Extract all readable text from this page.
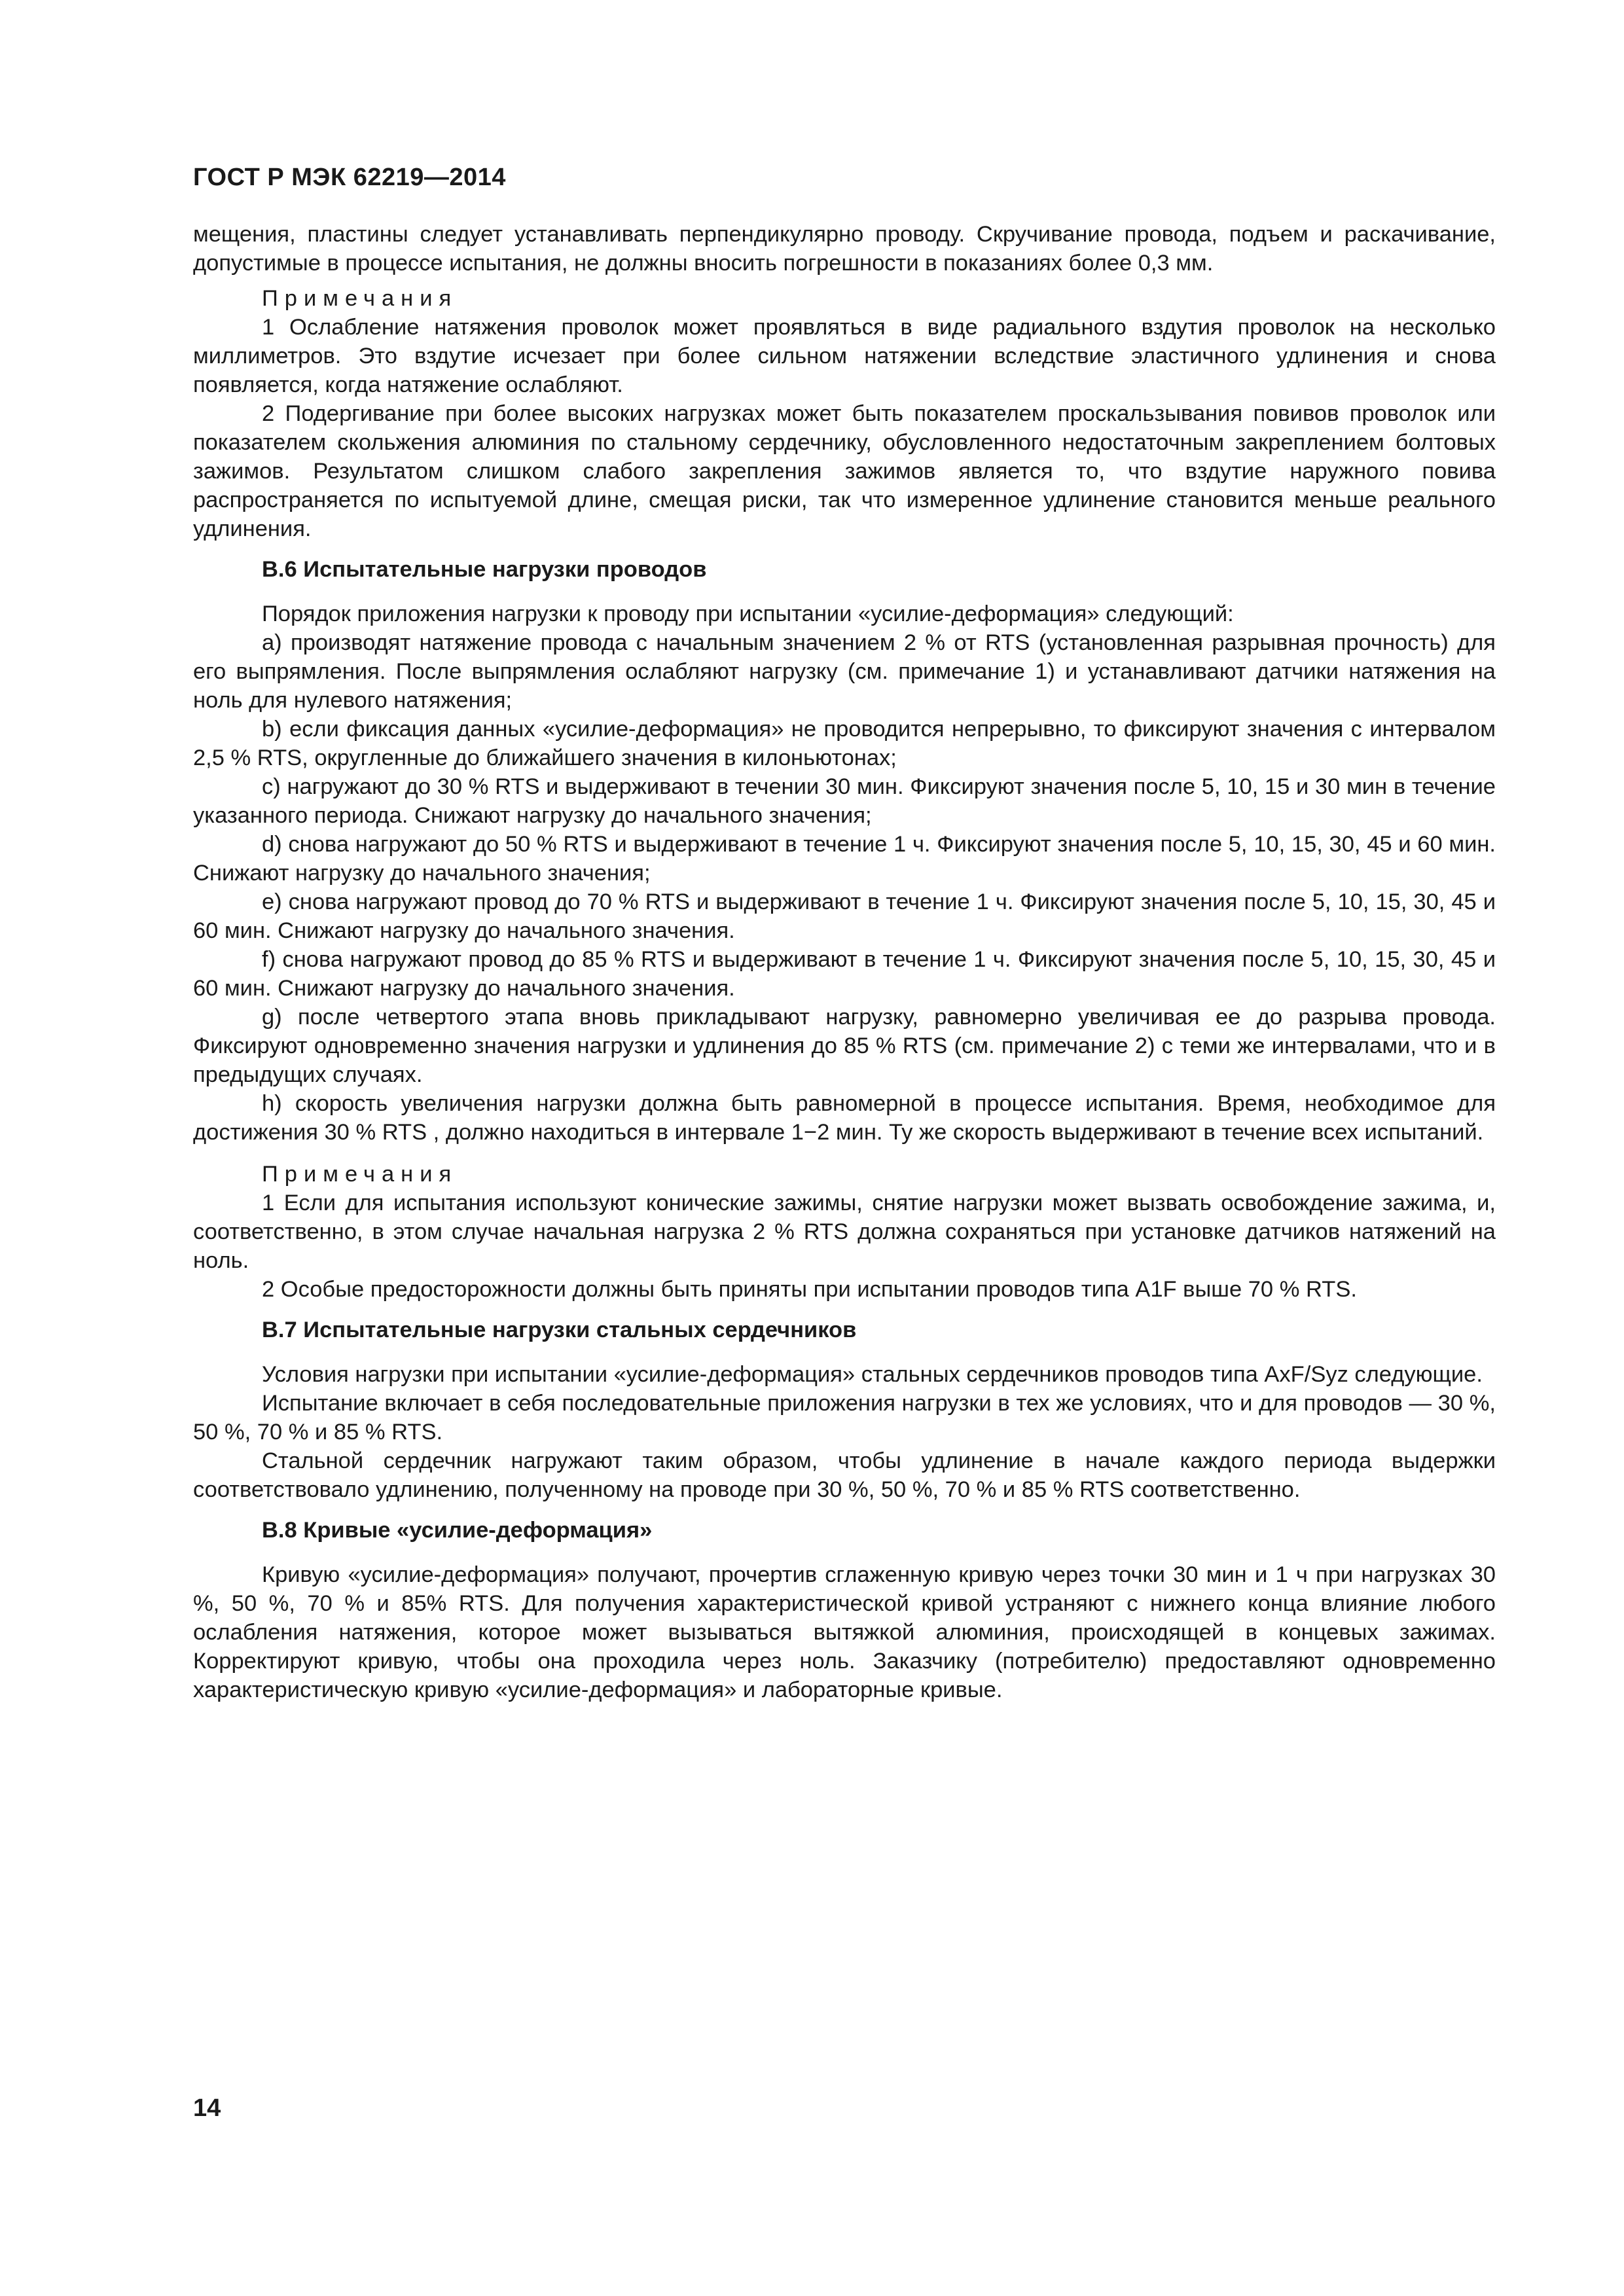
ГОСТ Р МЭК 62219—2014

мещения, пластины следует устанавливать перпендикулярно проводу. Скручивание провода, подъем и раскачивание, допустимые в процессе испытания, не должны вносить погрешности в показаниях более 0,3 мм.

Примечания

1 Ослабление натяжения проволок может проявляться в виде радиального вздутия проволок на несколько миллиметров. Это вздутие исчезает при более сильном натяжении вследствие эластичного удлинения и снова появляется, когда натяжение ослабляют.

2 Подергивание при более высоких нагрузках может быть показателем проскальзывания повивов проволок или показателем скольжения алюминия по стальному сердечнику, обусловленного недостаточным закреплением болтовых зажимов. Результатом слишком слабого закрепления зажимов является то, что вздутие наружного повива распространяется по испытуемой длине, смещая риски, так что измеренное удлинение становится меньше реального удлинения.

B.6 Испытательные нагрузки проводов

Порядок приложения нагрузки к проводу при испытании «усилие-деформация» следующий:

a) производят натяжение провода с начальным значением 2 % от RTS (установленная разрывная прочность) для его выпрямления. После выпрямления ослабляют нагрузку (см. примечание 1) и устанавливают датчики натяжения на ноль для нулевого натяжения;

b) если фиксация данных «усилие-деформация» не проводится непрерывно, то фиксируют значения с интервалом 2,5 % RTS, округленные до ближайшего значения в килоньютонах;

c) нагружают до 30 % RTS и выдерживают в течении 30 мин. Фиксируют значения после 5, 10, 15 и 30 мин в течение указанного периода. Снижают нагрузку до начального значения;

d) снова нагружают до 50 % RTS и выдерживают в течение 1 ч. Фиксируют значения после 5, 10, 15, 30, 45 и 60 мин. Снижают нагрузку до начального значения;

e) снова нагружают провод до 70 % RTS и выдерживают в течение 1 ч. Фиксируют значения после 5, 10, 15, 30, 45 и 60 мин. Снижают нагрузку до начального значения.

f) снова нагружают провод до 85 % RTS и выдерживают в течение 1 ч. Фиксируют значения после 5, 10, 15, 30, 45 и 60 мин. Снижают нагрузку до начального значения.

g) после четвертого этапа вновь прикладывают нагрузку, равномерно увеличивая ее до разрыва провода. Фиксируют одновременно значения нагрузки и удлинения до 85 % RTS (см. примечание 2) с теми же интервалами, что и в предыдущих случаях.

h) скорость увеличения нагрузки должна быть равномерной в процессе испытания. Время, необходимое для достижения 30 % RTS , должно находиться в интервале 1−2 мин. Ту же скорость выдерживают в течение всех испытаний.

Примечания

1 Если для испытания используют конические зажимы, снятие нагрузки может вызвать освобождение зажима, и, соответственно, в этом случае начальная нагрузка 2 % RTS должна сохраняться при установке датчиков натяжений на ноль.

2 Особые предосторожности должны быть приняты при испытании проводов типа A1F выше 70 % RTS.

B.7 Испытательные нагрузки стальных сердечников

Условия нагрузки при испытании «усилие-деформация» стальных сердечников проводов типа AxF/Syz следующие.

Испытание включает в себя последовательные приложения нагрузки в тех же условиях, что и для проводов — 30 %, 50 %, 70 % и 85 % RTS.

Стальной сердечник нагружают таким образом, чтобы удлинение в начале каждого периода выдержки соответствовало удлинению, полученному на проводе при 30 %, 50 %, 70 % и 85 % RTS соответственно.

B.8 Кривые «усилие-деформация»

Кривую «усилие-деформация» получают, прочертив сглаженную кривую через точки 30 мин и 1 ч при нагрузках 30 %, 50 %, 70 % и 85% RTS. Для получения характеристической кривой устраняют с нижнего конца влияние любого ослабления натяжения, которое может вызываться вытяжкой алюминия, происходящей в концевых зажимах. Корректируют кривую, чтобы она проходила через ноль. Заказчику (потребителю) предоставляют одновременно характеристическую кривую «усилие-деформация» и лабораторные кривые.

14
